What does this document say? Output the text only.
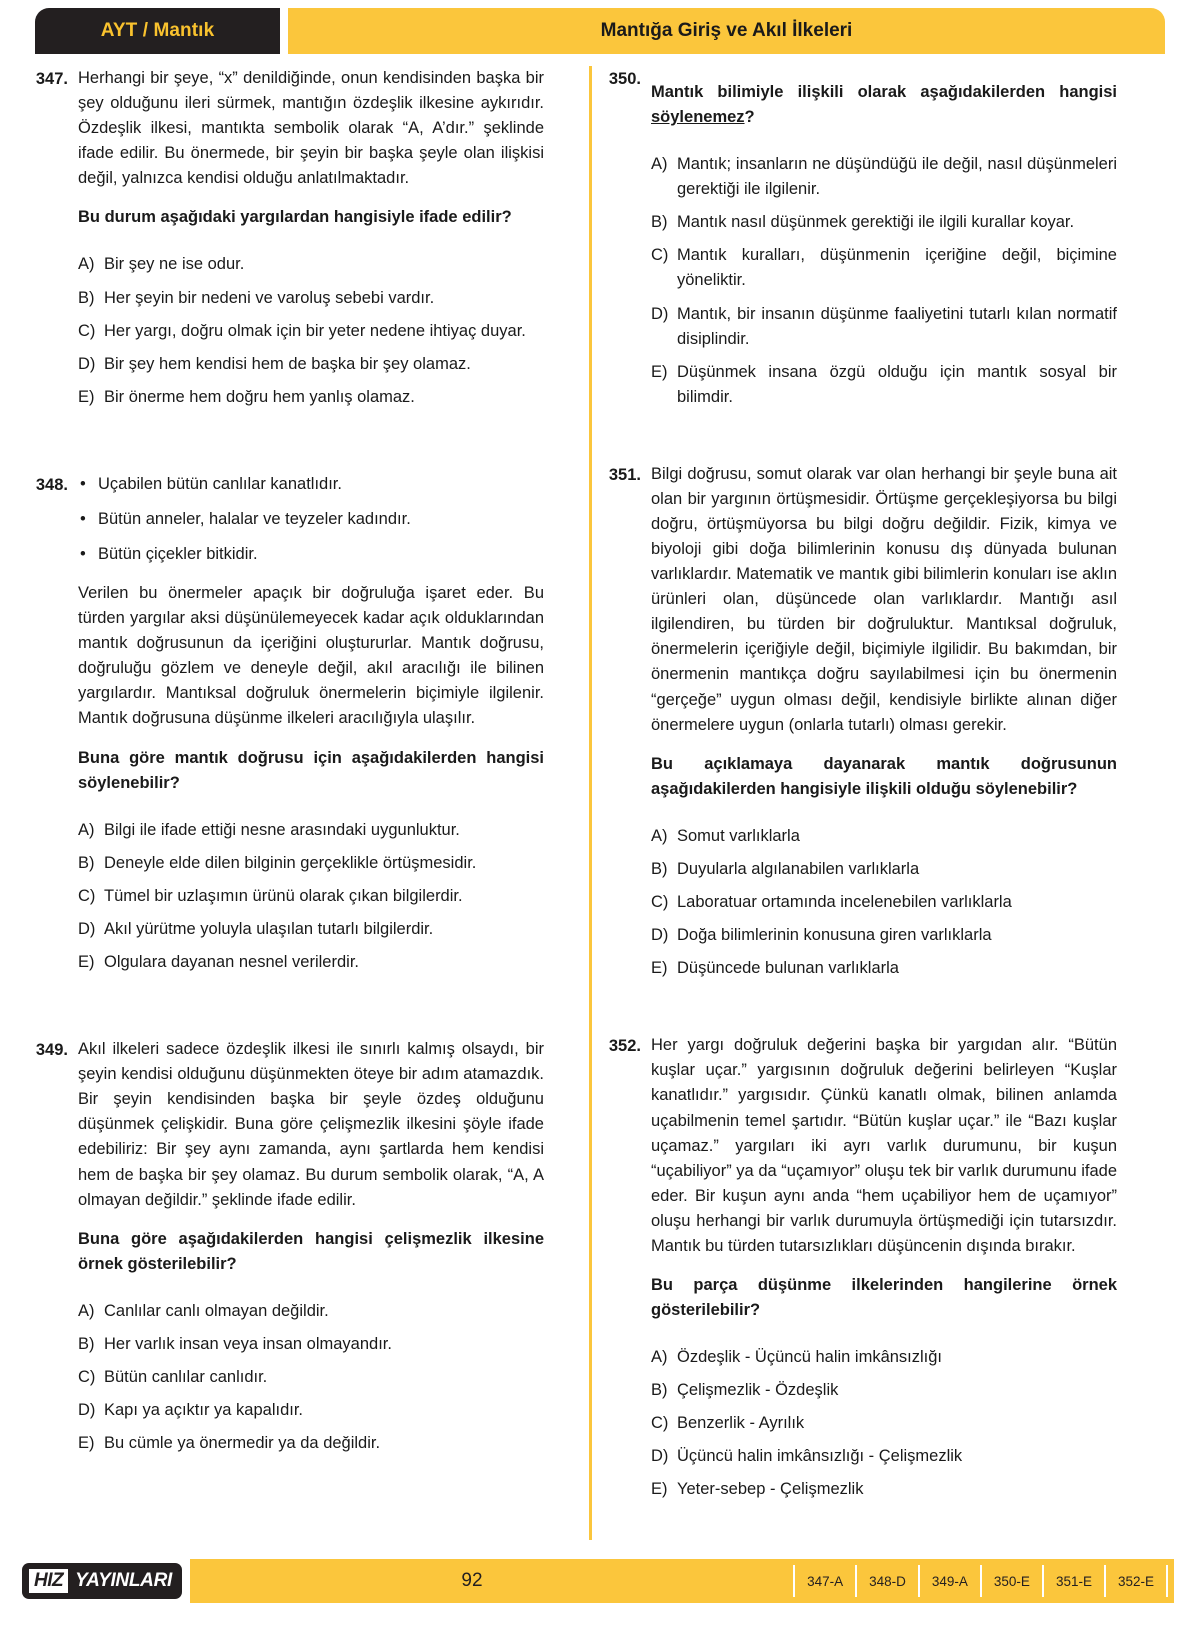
AYT / Mantık	Mantığa Giriş ve Akıl İlkeleri
347. Herhangi bir şeye, “x” denildiğinde, onun kendisinden başka bir şey olduğunu ileri sürmek, mantığın özdeşlik ilkesine aykırıdır. Özdeşlik ilkesi, mantıkta sembolik olarak “A, A’dır.” şeklinde ifade edilir. Bu önermede, bir şeyin bir başka şeyle olan ilişkisi değil, yalnızca kendisi olduğu anlatılmaktadır.

Bu durum aşağıdaki yargılardan hangisiyle ifade edilir?

A) Bir şey ne ise odur.
B) Her şeyin bir nedeni ve varoluş sebebi vardır.
C) Her yargı, doğru olmak için bir yeter nedene ihtiyaç duyar.
D) Bir şey hem kendisi hem de başka bir şey olamaz.
E) Bir önerme hem doğru hem yanlış olamaz.
348.	• Uçabilen bütün canlılar kanatlıdır.
• Bütün anneler, halalar ve teyzeler kadındır.
• Bütün çiçekler bitkidir.

Verilen bu önermeler apaçık bir doğruluğa işaret eder. Bu türden yargılar aksi düşünülemeyecek kadar açık olduklarından mantık doğrusunun da içeriğini oluştururlar. Mantık doğrusu, doğruluğu gözlem ve deneyle değil, akıl aracılığı ile bilinen yargılardır. Mantıksal doğruluk önermelerin biçimiyle ilgilenir. Mantık doğrusuna düşünme ilkeleri aracılığıyla ulaşılır.

Buna göre mantık doğrusu için aşağıdakilerden hangisi söylenebilir?

A) Bilgi ile ifade ettiği nesne arasındaki uygunluktur.
B) Deneyle elde dilen bilginin gerçeklikle örtüşmesidir.
C) Tümel bir uzlaşımın ürünü olarak çıkan bilgilerdir.
D) Akıl yürütme yoluyla ulaşılan tutarlı bilgilerdir.
E) Olgulara dayanan nesnel verilerdir.
349. Akıl ilkeleri sadece özdeşlik ilkesi ile sınırlı kalmış olsaydı, bir şeyin kendisi olduğunu düşünmekten öteye bir adım atamazdık. Bir şeyin kendisinden başka bir şeyle özdeş olduğunu düşünmek çelişkidir. Buna göre çelişmezlik ilkesini şöyle ifade edebiliriz: Bir şey aynı zamanda, aynı şartlarda hem kendisi hem de başka bir şey olamaz. Bu durum sembolik olarak, “A, A olmayan değildir.” şeklinde ifade edilir.

Buna göre aşağıdakilerden hangisi çelişmezlik ilkesine örnek gösterilebilir?

A) Canlılar canlı olmayan değildir.
B) Her varlık insan veya insan olmayandır.
C) Bütün canlılar canlıdır.
D) Kapı ya açıktır ya kapalıdır.
E) Bu cümle ya önermedir ya da değildir.
350.

Mantık bilimiyle ilişkili olarak aşağıdakilerden hangisi söylenemez?

A) Mantık; insanların ne düşündüğü ile değil, nasıl düşünmeleri gerektiği ile ilgilenir.
B) Mantık nasıl düşünmek gerektiği ile ilgili kurallar koyar.
C) Mantık kuralları, düşünmenin içeriğine değil, biçimine yöneliktir.
D) Mantık, bir insanın düşünme faaliyetini tutarlı kılan normatif disiplindir.
E) Düşünmek insana özgü olduğu için mantık sosyal bir bilimdir.
351. Bilgi doğrusu, somut olarak var olan herhangi bir şeyle buna ait olan bir yargının örtüşmesidir. Örtüşme gerçekleşiyorsa bu bilgi doğru, örtüşmüyorsa bu bilgi doğru değildir. Fizik, kimya ve biyoloji gibi doğa bilimlerinin konusu dış dünyada bulunan varlıklardır. Matematik ve mantık gibi bilimlerin konuları ise aklın ürünleri olan, düşüncede olan varlıklardır. Mantığı asıl ilgilendiren, bu türden bir doğruluktur. Mantıksal doğruluk, önermelerin içeriğiyle değil, biçimiyle ilgilidir. Bu bakımdan, bir önermenin mantıkça doğru sayılabilmesi için bu önermenin “gerçeğe” uygun olması değil, kendisiyle birlikte alınan diğer önermelere uygun (onlarla tutarlı) olması gerekir.

Bu açıklamaya dayanarak mantık doğrusunun aşağıdakilerden hangisiyle ilişkili olduğu söylenebilir?

A) Somut varlıklarla
B) Duyularla algılanabilen varlıklarla
C) Laboratuar ortamında incelenebilen varlıklarla
D) Doğa bilimlerinin konusuna giren varlıklarla
E) Düşüncede bulunan varlıklarla
352. Her yargı doğruluk değerini başka bir yargıdan alır. “Bütün kuşlar uçar.” yargısının doğruluk değerini belirleyen “Kuşlar kanatlıdır.” yargısıdır. Çünkü kanatlı olmak, bilinen anlamda uçabilmenin temel şartıdır. “Bütün kuşlar uçar.” ile “Bazı kuşlar uçamaz.” yargıları iki ayrı varlık durumunu, bir kuşun “uçabiliyor” ya da “uçamıyor” oluşu tek bir varlık durumunu ifade eder. Bir kuşun aynı anda “hem uçabiliyor hem de uçamıyor” oluşu herhangi bir varlık durumuyla örtüşmediği için tutarsızdır. Mantık bu türden tutarsızlıkları düşüncenin dışında bırakır.

Bu parça düşünme ilkelerinden hangilerine örnek gösterilebilir?

A) Özdeşlik - Üçüncü halin imkânsızlığı
B) Çelişmezlik - Özdeşlik
C) Benzerlik - Ayrılık
D) Üçüncü halin imkânsızlığı - Çelişmezlik
E) Yeter-sebep - Çelişmezlik
HIZ YAYINLARI	92	347-A	348-D	349-A	350-E	351-E	352-E
